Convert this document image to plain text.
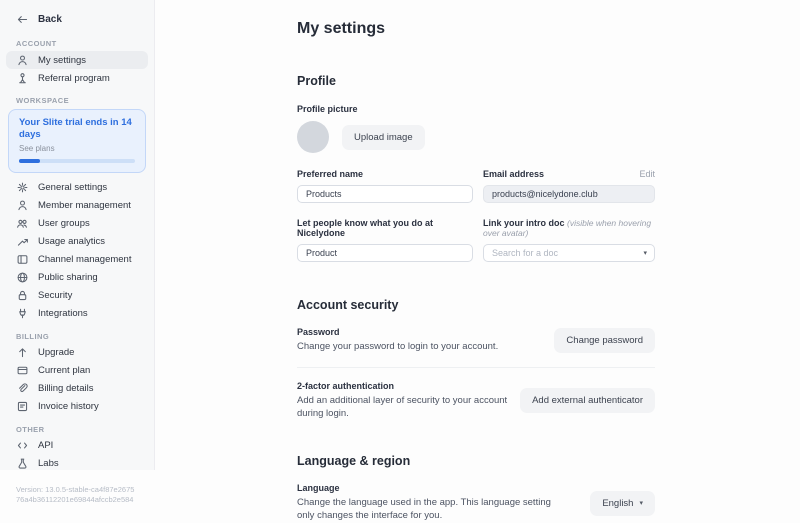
Back
ACCOUNT
My settings
Referral program
WORKSPACE
Your Slite trial ends in 14 days
See plans
General settings
Member management
User groups
Usage analytics
Channel management
Public sharing
Security
Integrations
BILLING
Upgrade
Current plan
Billing details
Invoice history
OTHER
API
Labs
Version: 13.0.5-stable-ca4f87e267576a4b36112201e69844afccb2e584
My settings
Profile
Profile picture
Upload image
Preferred name
Products	Email address	Edit
products@nicelydone.club
Let people know what you do at Nicelydone
Product
Link your intro doc (visible when hovering over avatar)
Search for a doc
▾
Account security
Password
Change your password to login to your account.
Change password
2-factor authentication
Add an additional layer of security to your account during login.
Add external authenticator
Language & region
Language
Change the language used in the app. This language setting only changes the interface for you.
English ▾
